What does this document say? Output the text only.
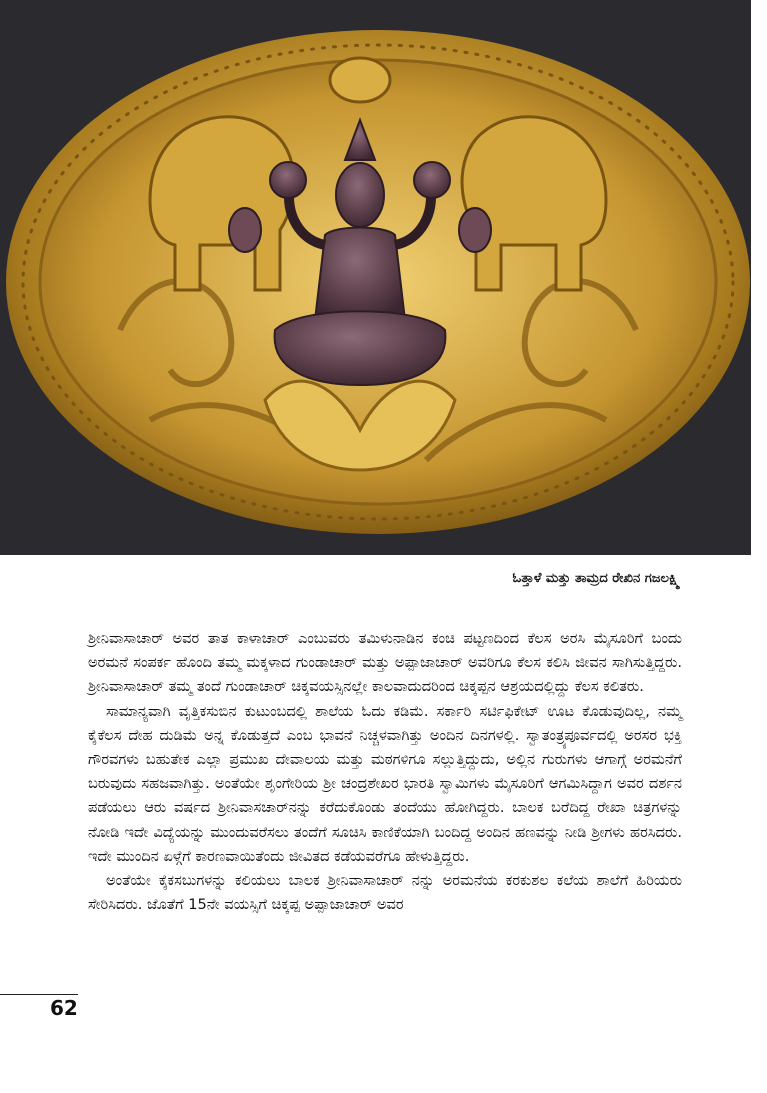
ಓತ್ತಾಳೆ ಮತ್ತು ತಾಮ್ರದ ರೇಖಿನ ಗಜಲಕ್ಷ್ಮಿ

ಶ್ರೀನಿವಾಸಾಚಾರ್ ಅವರ ತಾತ ಕಾಳಾಚಾರ್ ಎಂಬುವರು ತಮಿಳುನಾಡಿನ ಕಂಚಿ ಪಟ್ಟಣದಿಂದ ಕೆಲಸ ಅರಸಿ ಮೈಸೂರಿಗೆ ಬಂದು ಅರಮನೆ ಸಂಪರ್ಕ ಹೊಂದಿ ತಮ್ಮ ಮಕ್ಕಳಾದ ಗುಂಡಾಚಾರ್ ಮತ್ತು ಅಪ್ಪಾಜಾಚಾರ್ ಅವರಿಗೂ ಕೆಲಸ ಕಲಿಸಿ ಜೀವನ ಸಾಗಿಸುತ್ತಿದ್ದರು. ಶ್ರೀನಿವಾಸಾಚಾರ್ ತಮ್ಮ ತಂದೆ ಗುಂಡಾಚಾರ್ ಚಿಕ್ಕವಯಸ್ಸಿನಲ್ಲೇ ಕಾಲವಾದುದರಿಂದ ಚಿಕ್ಕಪ್ಪನ ಆಶ್ರಯದಲ್ಲಿದ್ದು ಕೆಲಸ ಕಲಿತರು.

ಸಾಮಾನ್ಯವಾಗಿ ವೃತ್ತಿಕಸುಬಿನ ಕುಟುಂಬದಲ್ಲಿ ಶಾಲೆಯ ಓದು ಕಡಿಮೆ. ಸರ್ಕಾರಿ ಸರ್ಟಿಫಿಕೇಟ್ ಊಟ ಕೊಡುವುದಿಲ್ಲ, ನಮ್ಮ ಕೈಕೆಲಸ ದೇಹ ದುಡಿಮೆ ಅನ್ನ ಕೊಡುತ್ತದೆ ಎಂಬ ಭಾವನೆ ನಿಚ್ಚಳವಾಗಿತ್ತು ಅಂದಿನ ದಿನಗಳಲ್ಲಿ. ಸ್ವಾತಂತ್ರ್ಯಪೂರ್ವದಲ್ಲಿ ಅರಸರ ಭಕ್ತಿ ಗೌರವಗಳು ಬಹುತೇಕ ಎಲ್ಲಾ ಪ್ರಮುಖ ದೇವಾಲಯ ಮತ್ತು ಮಠಗಳಿಗೂ ಸಲ್ಲುತ್ತಿದ್ದುದು, ಅಲ್ಲಿನ ಗುರುಗಳು ಆಗಾಗ್ಗೆ ಅರಮನೆಗೆ ಬರುವುದು ಸಹಜವಾಗಿತ್ತು. ಅಂತೆಯೇ ಶೃಂಗೇರಿಯ ಶ್ರೀ ಚಂದ್ರಶೇಖರ ಭಾರತಿ ಸ್ವಾಮಿಗಳು ಮೈಸೂರಿಗೆ ಆಗಮಿಸಿದ್ದಾಗ ಅವರ ದರ್ಶನ ಪಡೆಯಲು ಆರು ವರ್ಷದ ಶ್ರೀನಿವಾಸಚಾರ್‌ನನ್ನು ಕರೆದುಕೊಂಡು ತಂದೆಯು ಹೋಗಿದ್ದರು. ಬಾಲಕ ಬರೆದಿದ್ದ ರೇಖಾ ಚಿತ್ರಗಳನ್ನು ನೋಡಿ ಇದೇ ವಿದ್ಯೆಯನ್ನು ಮುಂದುವರೆಸಲು ತಂದೆಗೆ ಸೂಚಿಸಿ ಕಾಣಿಕೆಯಾಗಿ ಬಂದಿದ್ದ ಅಂದಿನ ಹಣವನ್ನು ನೀಡಿ ಶ್ರೀಗಳು ಹರಸಿದರು. ಇದೇ ಮುಂದಿನ ಏಳ್ಗೆಗೆ ಕಾರಣವಾಯಿತೆಂದು ಜೀವಿತದ ಕಡೆಯವರೆಗೂ ಹೇಳುತ್ತಿದ್ದರು.

ಅಂತೆಯೇ ಕೈಕಸಬುಗಳನ್ನು ಕಲಿಯಲು ಬಾಲಕ ಶ್ರೀನಿವಾಸಾಚಾರ್ ನನ್ನು ಅರಮನೆಯ ಕರಕುಶಲ ಕಲೆಯ ಶಾಲೆಗೆ ಹಿರಿಯರು ಸೇರಿಸಿದರು. ಜೊತೆಗೆ 15ನೇ ವಯಸ್ಸಿಗೆ ಚಿಕ್ಕಪ್ಪ ಅಪ್ಪಾಜಾಚಾರ್ ಅವರ

62
